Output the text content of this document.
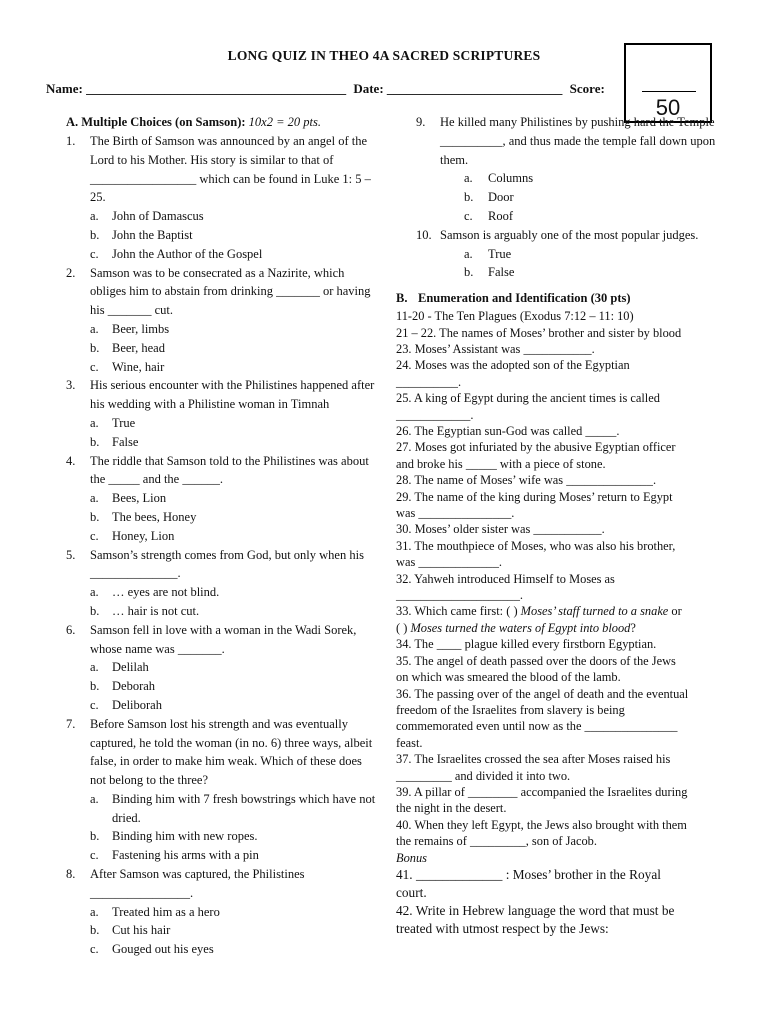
LONG QUIZ IN THEO 4A SACRED SCRIPTURES
Name: ________________________________________ Date: ___________________________ Score:
50
A. Multiple Choices (on Samson): 10x2 = 20 pts.
1. The Birth of Samson was announced by an angel of the Lord to his Mother. His story is similar to that of _________________ which can be found in Luke 1: 5 – 25.
a. John of Damascus
b. John the Baptist
c. John the Author of the Gospel
2. Samson was to be consecrated as a Nazirite, which obliges him to abstain from drinking _______ or having his _______ cut.
a. Beer, limbs
b. Beer, head
c. Wine, hair
3. His serious encounter with the Philistines happened after his wedding with a Philistine woman in Timnah
a. True
b. False
4. The riddle that Samson told to the Philistines was about the _____ and the ______.
a. Bees, Lion
b. The bees, Honey
c. Honey, Lion
5. Samson’s strength comes from God, but only when his ______________.
a. … eyes are not blind.
b. … hair is not cut.
6. Samson fell in love with a woman in the Wadi Sorek, whose name was _______.
a. Delilah
b. Deborah
c. Deliborah
7. Before Samson lost his strength and was eventually captured, he told the woman (in no. 6) three ways, albeit false, in order to make him weak. Which of these does not belong to the three?
a. Binding him with 7 fresh bowstrings which have not dried.
b. Binding him with new ropes.
c. Fastening his arms with a pin
8. After Samson was captured, the Philistines ________________.
a. Treated him as a hero
b. Cut his hair
c. Gouged out his eyes
9. He killed many Philistines by pushing hard the Temple __________, and thus made the temple fall down upon them.
a. Columns
b. Door
c. Roof
10. Samson is arguably one of the most popular judges.
a. True
b. False
B. Enumeration and Identification (30 pts)
11-20 - The Ten Plagues (Exodus 7:12 – 11: 10)
21 – 22. The names of Moses’ brother and sister by blood
23. Moses’ Assistant was ___________.
24. Moses was the adopted son of the Egyptian
__________.
25. A king of Egypt during the ancient times is called
____________.
26. The Egyptian sun-God was called _____.
27. Moses got infuriated by the abusive Egyptian officer
and broke his _____ with a piece of stone.
28. The name of Moses’ wife was ______________.
29. The name of the king during Moses’ return to Egypt
was _______________.
30. Moses’ older sister was ___________.
31. The mouthpiece of Moses, who was also his brother,
was _____________.
32. Yahweh introduced Himself to Moses as
____________________.
33. Which came first: ( ) Moses’ staff turned to a snake or
( ) Moses turned the waters of Egypt into blood?
34. The ____ plague killed every firstborn Egyptian.
35. The angel of death passed over the doors of the Jews
on which was smeared the blood of the lamb.
36. The passing over of the angel of death and the eventual
freedom of the Israelites from slavery is being
commemorated even until now as the _______________
feast.
37. The Israelites crossed the sea after Moses raised his
_________ and divided it into two.
39. A pillar of ________ accompanied the Israelites during
the night in the desert.
40. When they left Egypt, the Jews also brought with them
the remains of _________, son of Jacob.
Bonus
41. _____________ : Moses’ brother in the Royal
court.
42. Write in Hebrew language the word that must be
treated with utmost respect by the Jews:
